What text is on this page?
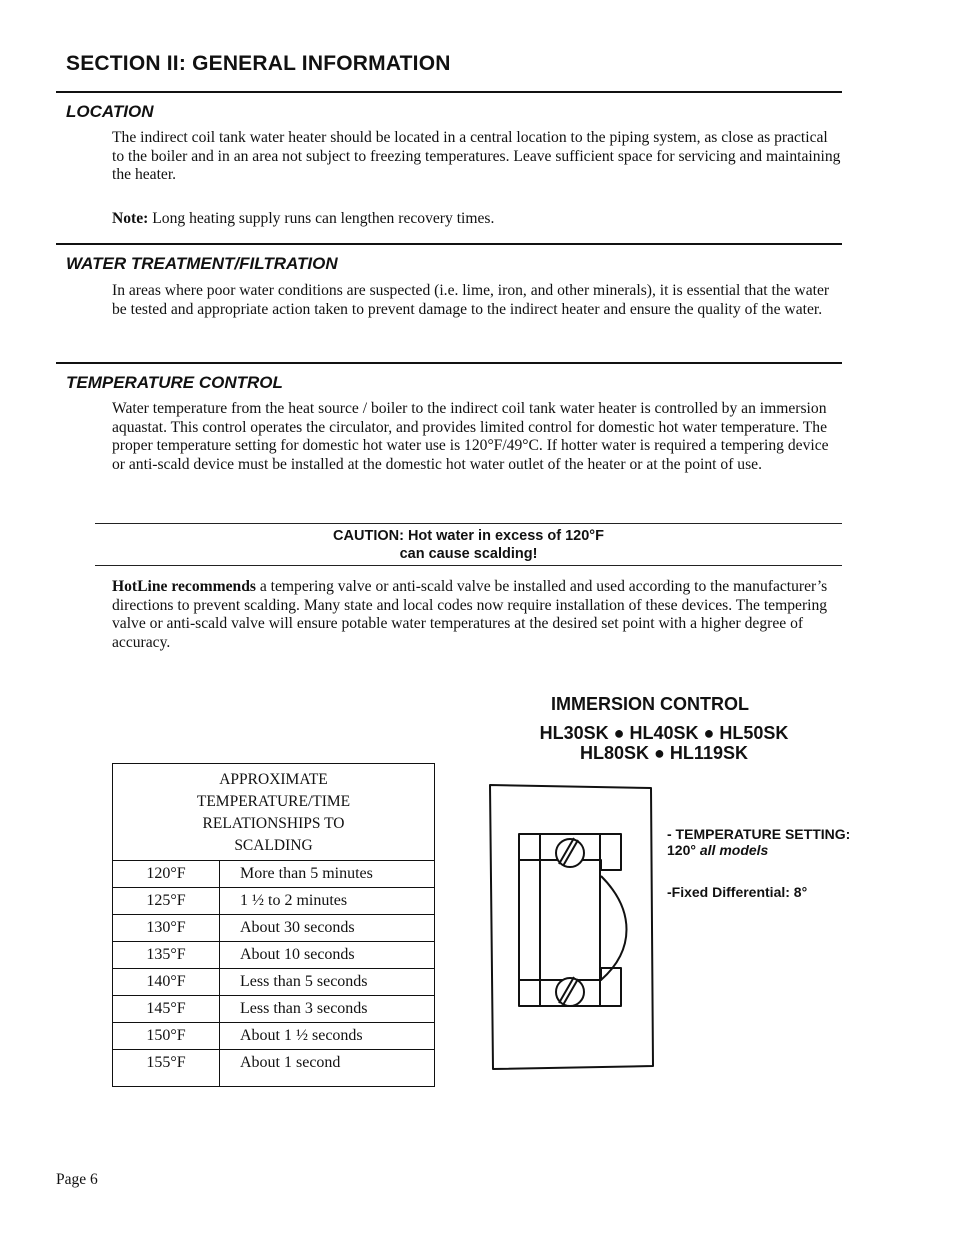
SECTION II: GENERAL INFORMATION
LOCATION

The indirect coil tank water heater should be located in a central location to the piping system, as close as practical to the boiler and in an area not subject to freezing temperatures. Leave sufficient space for servicing and maintaining the heater.

Note: Long heating supply runs can lengthen recovery times.

WATER TREATMENT/FILTRATION

In areas where poor water conditions are suspected (i.e. lime, iron, and other minerals), it is essential that the water be tested and appropriate action taken to prevent damage to the indirect heater and ensure the quality of the water.

TEMPERATURE CONTROL

Water temperature from the heat source / boiler to the indirect coil tank water heater is controlled by an immersion aquastat. This control operates the circulator, and provides limited control for domestic hot water temperature. The proper temperature setting for domestic hot water use is 120°F/49°C. If hotter water is required a tempering device or anti-scald device must be installed at the domestic hot water outlet of the heater or at the point of use.

CAUTION: Hot water in excess of 120°F
can cause scalding!

HotLine recommends a tempering valve or anti-scald valve be installed and used according to the manufacturer’s directions to prevent scalding. Many state and local codes now require installation of these devices. The tempering valve or anti-scald valve will ensure potable water temperatures at the desired set point with a higher degree of accuracy.

IMMERSION CONTROL
HL30SK ● HL40SK ● HL50SK
HL80SK ● HL119SK
APPROXIMATE
TEMPERATURE/TIME
RELATIONSHIPS TO
SCALDING	

120°F	More than 5 minutes
125°F	1 ½ to 2 minutes
130°F	About 30 seconds
135°F	About 10 seconds
140°F	Less than 5 seconds
145°F	Less than 3 seconds
150°F	About 1 ½ seconds
155°F	About 1 second
- TEMPERATURE SETTING:
120° all models
-Fixed Differential: 8°
Page 6
